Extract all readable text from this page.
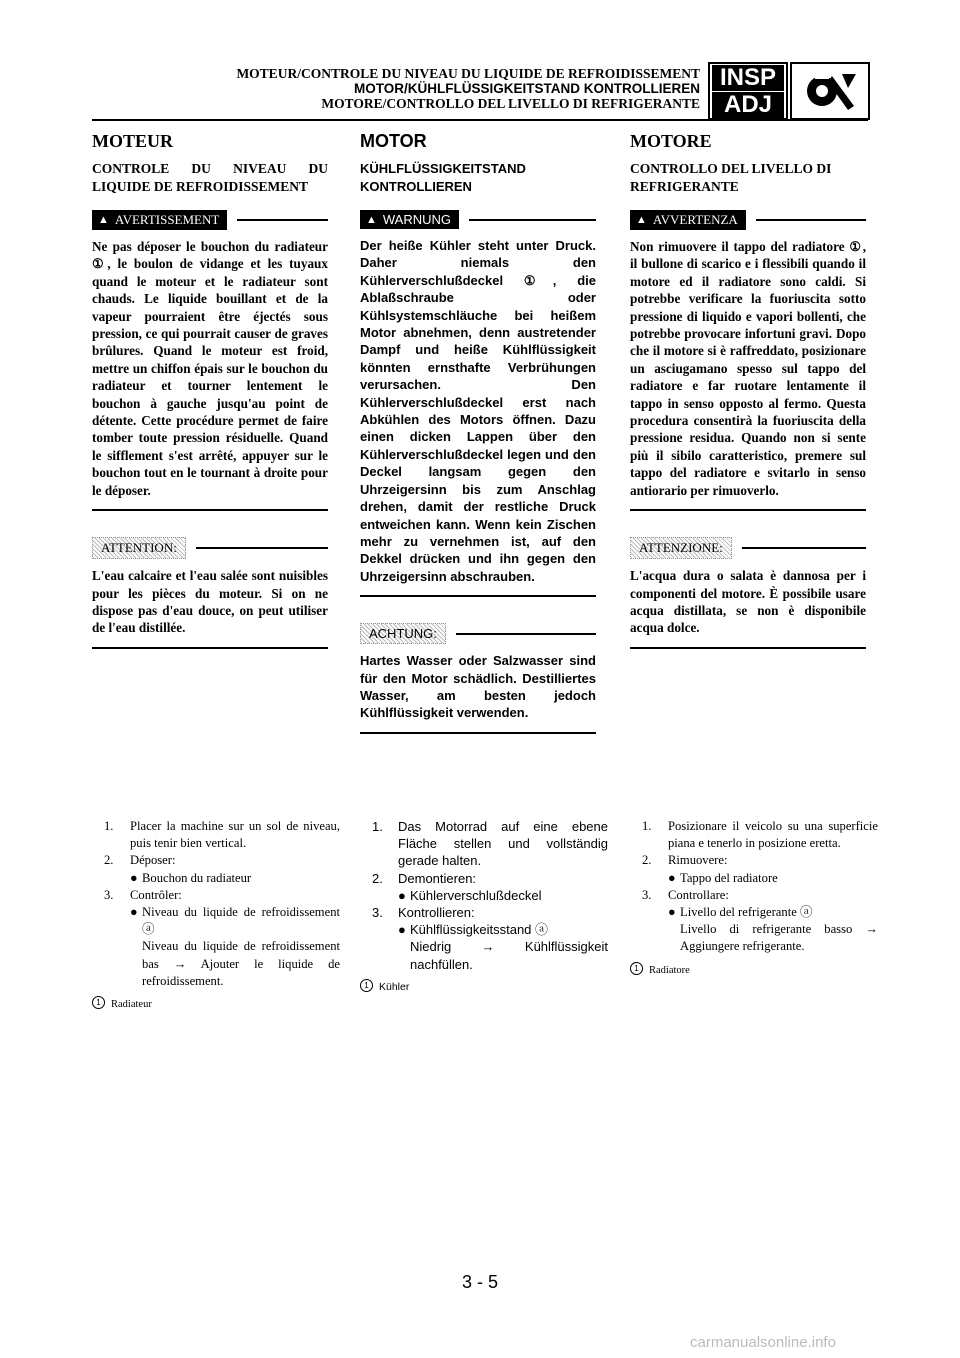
MOTEUR/CONTROLE DU NIVEAU DU LIQUIDE DE REFROIDISSEMENT
MOTOR/KÜHLFLÜSSIGKEITSTAND KONTROLLIEREN
MOTORE/CONTROLLO DEL LIVELLO DI REFRIGERANTE
INSP
ADJ
MOTEUR
CONTROLE DU NIVEAU DU LIQUIDE DE REFROIDISSEMENT
▲ AVERTISSEMENT
Ne pas déposer le bouchon du radiateur ①, le boulon de vidange et les tuyaux quand le moteur et le radiateur sont chauds. Le liquide bouillant et de la vapeur pourraient être éjectés sous pression, ce qui pourrait causer de graves brûlures. Quand le moteur est froid, mettre un chiffon épais sur le bouchon du radiateur et tourner lentement le bouchon à gauche jusqu'au point de détente. Cette procédure permet de faire tomber toute pression résiduelle. Quand le sifflement s'est arrêté, appuyer sur le bouchon tout en le tournant à droite pour le déposer.
ATTENTION:
L'eau calcaire et l'eau salée sont nuisibles pour les pièces du moteur. Si on ne dispose pas d'eau douce, on peut utiliser de l'eau distillée.
MOTOR
KÜHLFLÜSSIGKEITSTAND KONTROLLIEREN
▲ WARNUNG
Der heiße Kühler steht unter Druck. Daher niemals den Kühlerverschlußdeckel ①, die Ablaßschraube oder Kühlsystemschläuche bei heißem Motor abnehmen, denn austretender Dampf und heiße Kühlflüssigkeit könnten ernsthafte Verbrühungen verursachen. Den Kühlerverschlußdeckel erst nach Abkühlen des Motors öffnen. Dazu einen dicken Lappen über den Kühlerverschlußdeckel legen und den Deckel langsam gegen den Uhrzeigersinn bis zum Anschlag drehen, damit der restliche Druck entweichen kann. Wenn kein Zischen mehr zu vernehmen ist, auf den Dekkel drücken und ihn gegen den Uhrzeigersinn abschrauben.
ACHTUNG:
Hartes Wasser oder Salzwasser sind für den Motor schädlich. Destilliertes Wasser, am besten jedoch Kühlflüssigkeit verwenden.
MOTORE
CONTROLLO DEL LIVELLO DI REFRIGERANTE
▲ AVVERTENZA
Non rimuovere il tappo del radiatore ①, il bullone di scarico e i flessibili quando il motore ed il radiatore sono caldi. Si potrebbe verificare la fuoriuscita sotto pressione di liquido e vapori bollenti, che potrebbe provocare infortuni gravi. Dopo che il motore si è raffreddato, posizionare un asciugamano spesso sul tappo del radiatore e far ruotare lentamente il tappo in senso opposto al fermo. Questa procedura consentirà la fuoriuscita della pressione residua. Quando non si sente più il sibilo caratteristico, premere sul tappo del radiatore e svitarlo in senso antiorario per rimuoverlo.
ATTENZIONE:
L'acqua dura o salata è dannosa per i componenti del motore. È possibile usare acqua distillata, se non è disponibile acqua dolce.
1.	Placer la machine sur un sol de niveau, puis tenir bien vertical.
2.	Déposer:
● Bouchon du radiateur
3.	Contrôler:
● Niveau du liquide de refroidissement ⓐ
Niveau du liquide de refroidissement bas → Ajouter le liquide de refroidissement.
1 Radiateur
1.	Das Motorrad auf eine ebene Fläche stellen und vollständig gerade halten.
2.	Demontieren:
● Kühlerverschlußdeckel
3.	Kontrollieren:
● Kühlflüssigkeitsstand ⓐ
Niedrig → Kühlflüssigkeit nachfüllen.
1 Kühler
1.	Posizionare il veicolo su una superficie piana e tenerlo in posizione eretta.
2.	Rimuovere:
● Tappo del radiatore
3.	Controllare:
● Livello del refrigerante ⓐ
Livello di refrigerante basso → Aggiungere refrigerante.
1 Radiatore
3 - 5
carmanualsonline.info
